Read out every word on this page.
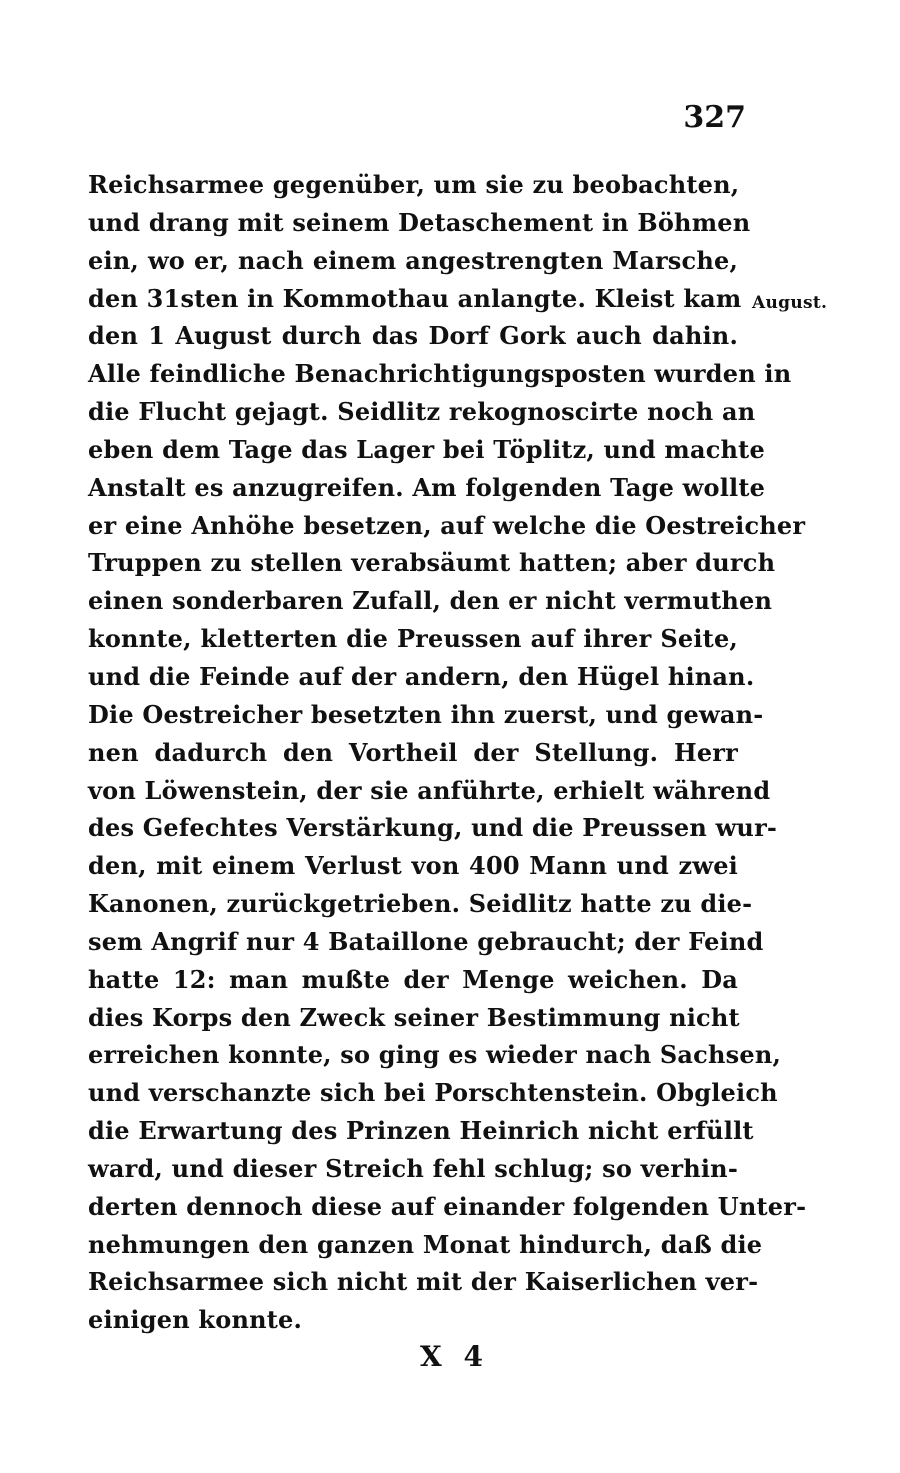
327
Reichsarmee gegenüber, um sie zu beobachten,
und drang mit seinem Detaschement in Böhmen
ein, wo er, nach einem angestrengten Marsche,
den 31sten in Kommothau anlangte. Kleist kam
den 1 August durch das Dorf Gork auch dahin.
Alle feindliche Benachrichtigungsposten wurden in
die Flucht gejagt. Seidlitz rekognoscirte noch an
eben dem Tage das Lager bei Töplitz, und machte
Anstalt es anzugreifen. Am folgenden Tage wollte
er eine Anhöhe besetzen, auf welche die Oestreicher
Truppen zu stellen verabsäumt hatten; aber durch
einen sonderbaren Zufall, den er nicht vermuthen
konnte, kletterten die Preussen auf ihrer Seite,
und die Feinde auf der andern, den Hügel hinan.
Die Oestreicher besetzten ihn zuerst, und gewan-
nen dadurch den Vortheil der Stellung. Herr
von Löwenstein, der sie anführte, erhielt während
des Gefechtes Verstärkung, und die Preussen wur-
den, mit einem Verlust von 400 Mann und zwei
Kanonen, zurückgetrieben. Seidlitz hatte zu die-
sem Angrif nur 4 Bataillone gebraucht; der Feind
hatte 12: man mußte der Menge weichen. Da
dies Korps den Zweck seiner Bestimmung nicht
erreichen konnte, so ging es wieder nach Sachsen,
und verschanzte sich bei Porschtenstein. Obgleich
die Erwartung des Prinzen Heinrich nicht erfüllt
ward, und dieser Streich fehl schlug; so verhin-
derten dennoch diese auf einander folgenden Unter-
nehmungen den ganzen Monat hindurch, daß die
Reichsarmee sich nicht mit der Kaiserlichen ver-
einigen konnte.
August.
X 4
